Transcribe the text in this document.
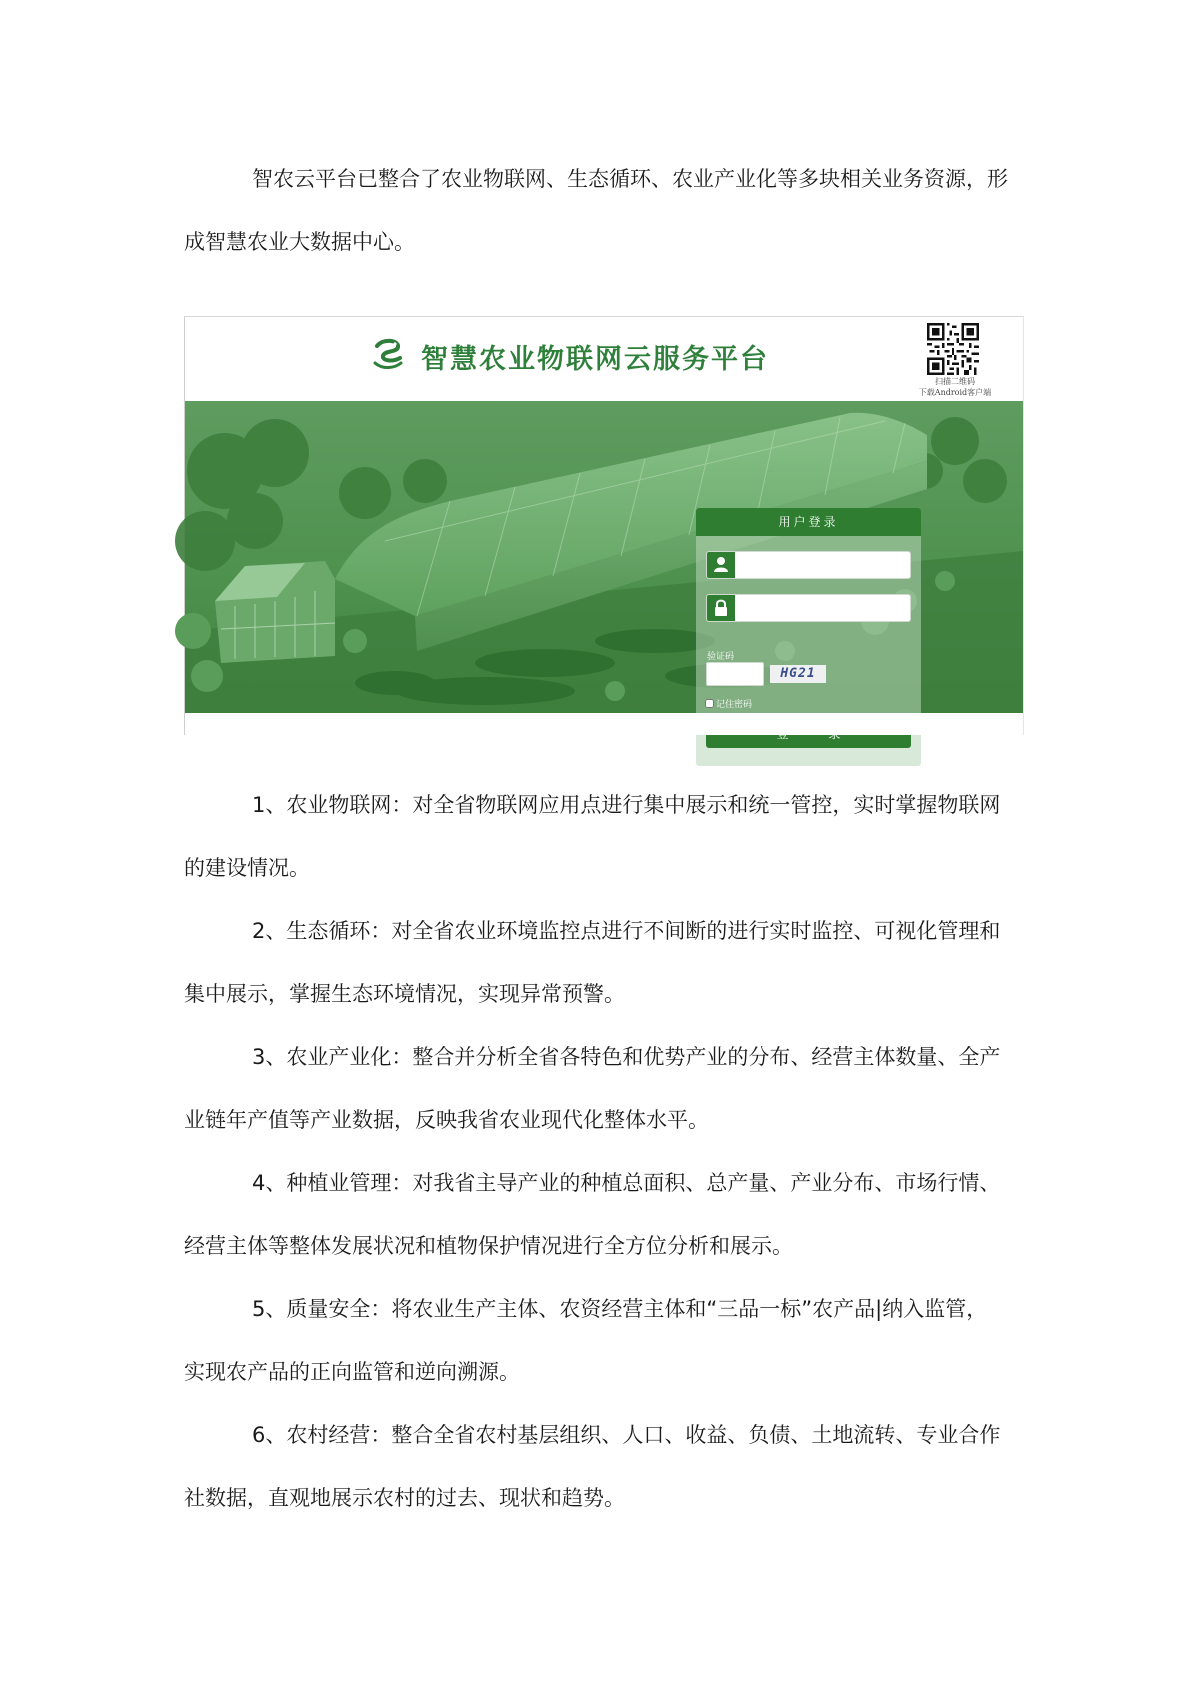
智农云平台已整合了农业物联网、生态循环、农业产业化等多块相关业务资源，形
成智慧农业大数据中心。

智慧农业物联网云服务平台
扫描二维码
下载Android客户端
用户登录
验证码
HG21
记住密码

1、农业物联网：对全省物联网应用点进行集中展示和统一管控，实时掌握物联网
的建设情况。

2、生态循环：对全省农业环境监控点进行不间断的进行实时监控、可视化管理和
集中展示，掌握生态环境情况，实现异常预警。

3、农业产业化：整合并分析全省各特色和优势产业的分布、经营主体数量、全产
业链年产值等产业数据，反映我省农业现代化整体水平。

4、种植业管理：对我省主导产业的种植总面积、总产量、产业分布、市场行情、
经营主体等整体发展状况和植物保护情况进行全方位分析和展示。

5、质量安全：将农业生产主体、农资经营主体和“三品一标”农产品|纳入监管，
实现农产品的正向监管和逆向溯源。

6、农村经营：整合全省农村基层组织、人口、收益、负债、土地流转、专业合作
社数据，直观地展示农村的过去、现状和趋势。
